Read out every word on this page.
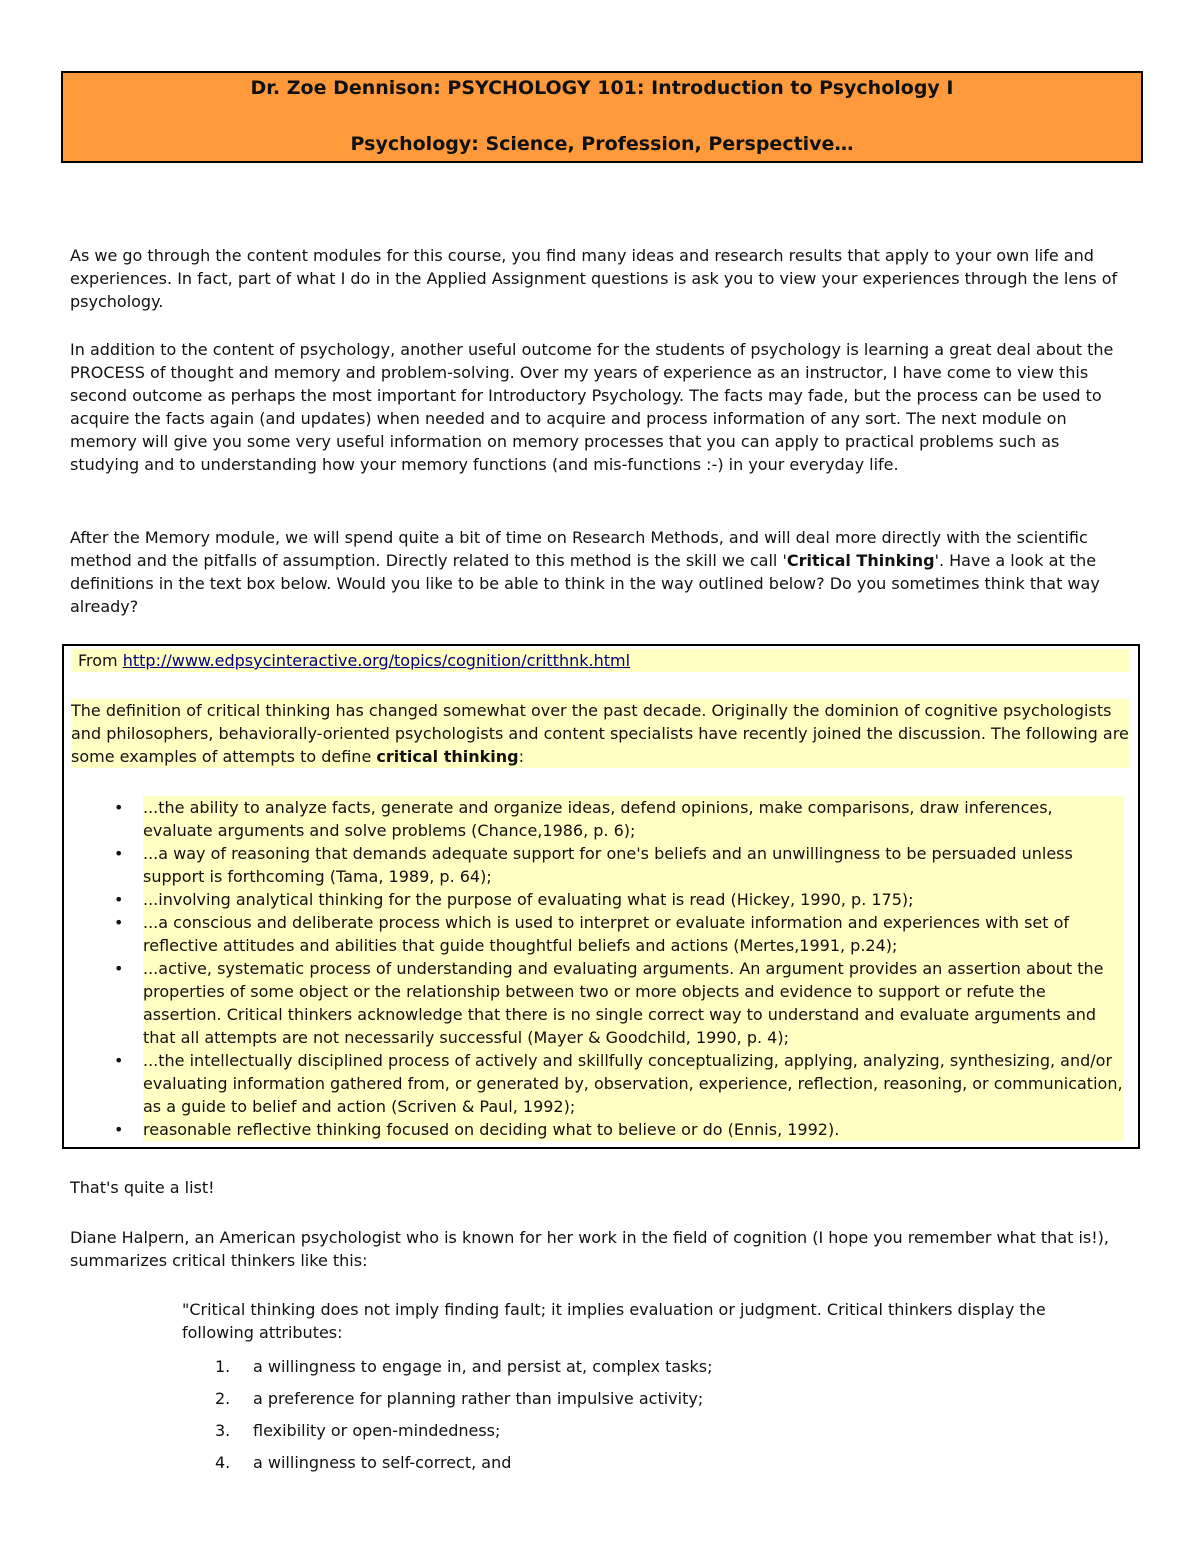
Dr. Zoe Dennison: PSYCHOLOGY 101: Introduction to Psychology I
Psychology: Science, Profession, Perspective…

As we go through the content modules for this course, you find many ideas and research results that apply to your own life and experiences. In fact, part of what I do in the Applied Assignment questions is ask you to view your experiences through the lens of psychology.

In addition to the content of psychology, another useful outcome for the students of psychology is learning a great deal about the PROCESS of thought and memory and problem-solving. Over my years of experience as an instructor, I have come to view this second outcome as perhaps the most important for Introductory Psychology. The facts may fade, but the process can be used to acquire the facts again (and updates) when needed and to acquire and process information of any sort. The next module on memory will give you some very useful information on memory processes that you can apply to practical problems such as studying and to understanding how your memory functions (and mis-functions :-) in your everyday life.

After the Memory module, we will spend quite a bit of time on Research Methods, and will deal more directly with the scientific method and the pitfalls of assumption. Directly related to this method is the skill we call 'Critical Thinking'. Have a look at the definitions in the text box below. Would you like to be able to think in the way outlined below? Do you sometimes think that way already?

From http://www.edpsycinteractive.org/topics/cognition/critthnk.html

The definition of critical thinking has changed somewhat over the past decade. Originally the dominion of cognitive psychologists and philosophers, behaviorally-oriented psychologists and content specialists have recently joined the discussion. The following are some examples of attempts to define critical thinking:

• ...the ability to analyze facts, generate and organize ideas, defend opinions, make comparisons, draw inferences, evaluate arguments and solve problems (Chance,1986, p. 6);
• ...a way of reasoning that demands adequate support for one's beliefs and an unwillingness to be persuaded unless support is forthcoming (Tama, 1989, p. 64);
• ...involving analytical thinking for the purpose of evaluating what is read (Hickey, 1990, p. 175);
• ...a conscious and deliberate process which is used to interpret or evaluate information and experiences with set of reflective attitudes and abilities that guide thoughtful beliefs and actions (Mertes,1991, p.24);
• ...active, systematic process of understanding and evaluating arguments. An argument provides an assertion about the properties of some object or the relationship between two or more objects and evidence to support or refute the assertion. Critical thinkers acknowledge that there is no single correct way to understand and evaluate arguments and that all attempts are not necessarily successful (Mayer & Goodchild, 1990, p. 4);
• ...the intellectually disciplined process of actively and skillfully conceptualizing, applying, analyzing, synthesizing, and/or evaluating information gathered from, or generated by, observation, experience, reflection, reasoning, or communication, as a guide to belief and action (Scriven & Paul, 1992);
• reasonable reflective thinking focused on deciding what to believe or do (Ennis, 1992).

That's quite a list!

Diane Halpern, an American psychologist who is known for her work in the field of cognition (I hope you remember what that is!), summarizes critical thinkers like this:

"Critical thinking does not imply finding fault; it implies evaluation or judgment. Critical thinkers display the following attributes:

1.	a willingness to engage in, and persist at, complex tasks;
2.	a preference for planning rather than impulsive activity;
3.	flexibility or open-mindedness;
4.	a willingness to self-correct, and
